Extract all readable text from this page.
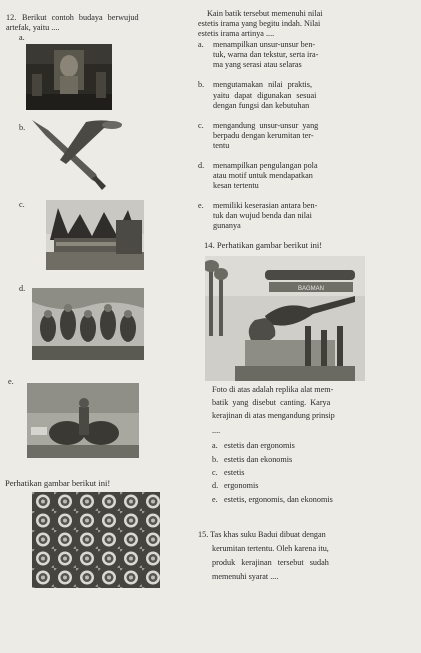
12. Berikut contoh budaya berwujud
artefak, yaitu ....
a.
b.
c.
d.
e.
Kain batik tersebut memenuhi nilai
estetis irama yang begitu indah. Nilai
estetis irama artinya ....
a. menampilkan unsur-unsur ben-
tuk, warna dan tekstur, serta ira-
ma yang serasi atau selaras
b. mengutamakan nilai praktis,
yaitu dapat digunakan sesuai
dengan fungsi dan kebutuhan
c. mengandung unsur-unsur yang
berpadu dengan kerumitan ter-
tentu
d. menampilkan pengulangan pola
atau motif untuk mendapatkan
kesan tertentu
e. memiliki keserasian antara ben-
tuk dan wujud benda dan nilai
gunanya
14. Perhatikan gambar berikut ini!
BAGMAN
Foto di atas adalah replika alat mem-
batik yang disebut canting. Karya
kerajinan di atas mengandung prinsip
....
a. estetis dan ergonomis
b. estetis dan ekonomis
c. estetis
d. ergonomis
e. estetis, ergonomis, dan ekonomis
Perhatikan gambar berikut ini!
15. Tas khas suku Badui dibuat dengan
kerumitan tertentu. Oleh karena itu,
produk kerajinan tersebut sudah
memenuhi syarat ....
